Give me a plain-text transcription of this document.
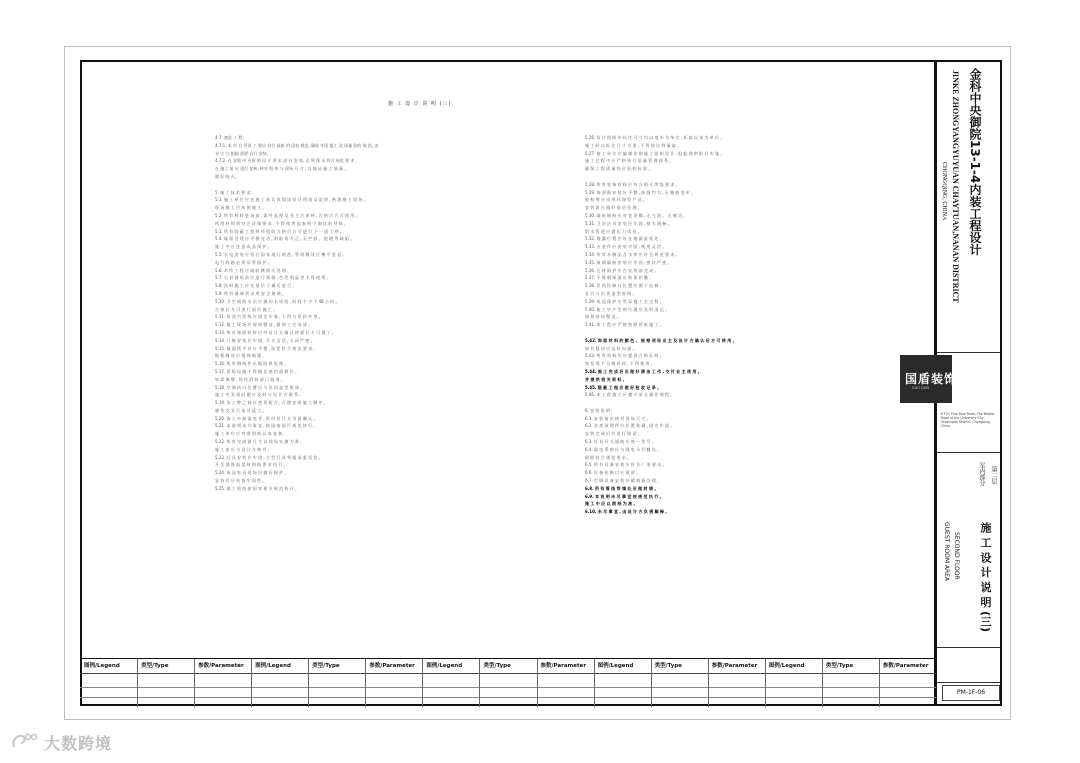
施 工 设 计 说 明 (三)
4.7. 塞洗 工 程:
4.7.1. 本 项 目 吊顶 工 程应 符合 最新 的 国家 规范, 确保 牢固 施工 及 质量 验收 规 范, 由
业 主 方 根据 需要 自行 安装。
4.7.2. 在 安装 中 应按 照 设 计 要 求 进 行 安 装, 必 须 保 证 符合 规范 要 求 。
在 施工 前 应 进行 复核, 核对 图 纸 与 现场 尺 寸 , 以 保 证 施 工 质 量 。
做 好 防 火。
5. 施 工 技 术 要 求:
5.1. 施 工 单 位 应 在 施 工 前 认 真 阅 读 设 计 图 纸 及 说 明 , 熟 悉 施 工 现 场 。
现 场 施 工 应 按 图 施 工 。
5.2. 所 有 材 料 进 场 前 , 需 经 监 理 及 业 主 方 审 核 , 合 格 后 方 可 使 用 。
所 用 材 料 须 符 合 环 保 要 求 , 不 得 使 用 国 家 明 令 淘 汰 的 材 料 。
5.3. 所 有 隐 蔽 工 程 须 经 验 收 合 格 后 方 可 进 行 下 一 道 工 序 。
5.4. 墙 面 处 理 应 平 整 光 洁 , 阴 阳 角 方 正 , 无 空 鼓 、 裂 缝 等 缺 陷 。
施 工 中 应 注 意 成 品 保 护 。
5.5. 水 电 安 装 应 符 合 国 家 现 行 规 范 , 管 线 敷 设 应 横 平 竖 直 。
电 气 线 路 必 须 穿 管 保 护 。
5.6. 木 作 工 程 应 做 防 腐 防 火 处 理 。
5.7. 石 材 铺 贴 前 应 进 行 预 排 , 色 差 明 显 者 不 得 使 用 。
5.8. 涂 料 施 工 应 在 基 层 干 燥 后 进 行 。
5.9. 所 有 玻 璃 须 采 用 安 全 玻 璃 。
5.10. 卫 生 间 防 水 层 应 做 闭 水 试 验 , 时 间 不 少 于 48 小 时 。
合 格 后 方 可 进 行 面 层 施 工 。
5.11. 吊 顶 内 管 线 应 固 定 牢 靠 , 不 得 与 吊 杆 共 用 。
5.12. 施 工 现 场 应 保 持 整 洁 , 做 到 工 完 场 清 。
5.13. 所 有 饰 面 材 料 应 经 设 计 方 确 认 样 板 后 方 可 施 工 。
5.14. 门 窗 安 装 应 牢 固 , 开 关 灵 活 , 关 闭 严 密 。
5.15. 地 面 找 平 层 应 平 整 , 误 差 符 合 规 范 要 求 。
地 板 铺 设 应 留 伸 缩 缝 。
5.16. 所 有 钢 构 件 应 做 防 锈 处 理 。
5.17. 消 防 设 施 不 得 随 意 遮 挡 或 移 位 。
如 需 调 整 , 须 经 消 防 部 门 批 准 。
5.18. 空 调 风 口 位 置 应 与 吊 顶 造 型 协 调 。
施 工 中 发 现 问 题 应 及 时 与 设 计 方 联 系 。
5.19. 各 工 种 之 间 应 密 切 配 合 , 合 理 安 排 施 工 顺 序 。
避 免 交 叉 污 染 及 返 工 。
5.20. 施 工 中 如 需 变 更 , 须 经 设 计 方 书 面 确 认 。
5.21. 本 说 明 未 尽 事 宜 , 按 国 家 现 行 规 范 执 行 。
施 工 单 位 应 对 照 图 纸 认 真 复 核 。
5.22. 所 有 完 成 面 尺 寸 以 现 场 实 测 为 准 。
施 工 前 应 与 设 计 方 核 对 。
5.23. 灯 具 安 装 应 牢 固 , 大 型 灯 具 须 做 承 重 试 验 。
开 关 插 座 高 度 按 图 纸 要 求 执 行 。
5.24. 成 品 家 具 进 场 应 做 好 保 护 。
安 装 后 应 检 查 牢 固 性 。
5.25. 竣 工 验 收 按 国 家 相 关 规 范 执 行 。
5.26. 设 计 图 纸 中 标 注 尺 寸 均 以 毫 米 为 单 位 , 标 高 以 米 为 单 位 。
施 工 时 以 标 注 尺 寸 为 准 , 不 得 按 比 例 量 取 。
5.27. 施 工 单 位 应 编 制 详 细 施 工 组 织 设 计 , 报 监 理 审 批 后 实 施 。
施 工 过 程 中 应 严 格 执 行 质 量 管 理 体 系 。
确 保 工 程 质 量 符 合 验 收 标 准 。
5.28. 所 有 装 饰 材 料 应 符 合 防 火 等 级 要 求 。
5.29. 饰 面 板 安 装 应 平 整 , 接 缝 均 匀 , 无 翘 曲 变 形 。
胶 粘 剂 应 采 用 环 保 型 产 品 。
安 装 前 应 做 好 基 层 处 理 。
5.30. 墙 纸 铺 贴 应 对 花 准 确 , 无 气 泡 、 无 翘 边 。
5.31. 卫 浴 洁 具 安 装 应 牢 固 , 排 水 通 畅 。
给 水 管 道 应 做 压 力 试 验 。
5.32. 地 漏 位 置 应 设 在 地 面 最 低 处 。
5.33. 五 金 件 应 安 装 牢 固 , 使 用 灵 活 。
5.34. 所 有 木 制 品 含 水 率 应 符 合 规 范 要 求 。
5.35. 玻 璃 隔 断 安 装 应 牢 固 , 密 封 严 密 。
5.36. 石 材 防 护 应 在 安 装 前 完 成 。
5.37. 不 锈 钢 饰 面 应 贴 保 护 膜 。
5.38. 吊 顶 检 修 口 位 置 应 便 于 检 修 。
且 应 与 吊 顶 造 型 协 调 。
5.39. 成 品 保 护 应 贯 穿 施 工 全 过 程 。
5.40. 施 工 中 产 生 的 垃 圾 应 及 时 清 运 。
保 持 现 场 整 洁 。
5.41. 本 工 程 应 严 格 按 照 图 纸 施 工 。
5.42. 饰 面 材 料 的 颜 色 、 规 格 须 经 业 主 及 设 计 方 确 认 后 方 可 使 用 。
如 有 疑 问 应 及 时 沟 通 。
5.43. 所 有 材 料 均 应 提 供 合 格 证 明 。
如 发 现 不 合 格 材 料 , 不 得 使 用 。
5.44. 施 工 完 成 后 应 做 好 清 洁 工 作 , 交 付 业 主 使 用 。
并 提 供 相 关 资 料 。
5.45. 隐 蔽 工 程 应 做 好 验 收 记 录 。
5.46. 本 工 程 施 工 应 遵 守 安 全 操 作 规 程 。
6. 安 装 说 明 :
6.1. 安 装 前 应 核 对 现 场 尺 寸 。
6.2. 各 类 预 埋 件 应 位 置 准 确 , 固 定 牢 固 。
安 装 完 成 后 应 进 行 调 试 。
6.3. 灯 具 开 关 插 座 应 统 一 型 号 。
6.4. 弱 电 系 统 应 与 强 电 分 开 敷 设 。
间 距 符 合 规 范 要 求 。
6.5. 所 有 设 备 安 装 应 符 合 厂 家 要 求 。
6.6. 设 备 检 修 口 应 预 留 。
6.7. 空 调 设 备 安 装 应 做 减 振 处 理 。
6.8. 所 有 管 线 穿 墙 处 应 做 封 堵 。
6.9. 本 说 明 未 尽 事 宜 按 规 范 执 行 。
施 工 中 应 以 图 纸 为 准 。
6.10. 未 尽 事 宜 , 由 设 计 方 负 责 解 释 。
图例/Legend	类型/Type	参数/Parameter 图例/Legend	类型/Type	参数/Parameter 图例/Legend	类型/Type	参数/Parameter 图例/Legend	类型/Type	参数/Parameter 图例/Legend	类型/Type	参数/Parameter
金科中央御院13-1-4内装工程设计
JINKE ZHONGYANGYUYUAN CHAYTUAN,NANAN DISTRICT
CHONGQING, CHINA
6 F/3, Pine Blue Road, The Middle Road of the University City, Shapingba District, Chongqing, China
GUEST ROOM AREA SECOND FLOOR
室内部分 第二层
施 工 设 计 说 明 (三)
国盾装饰
GUO DUN
PM-1F-06
大数跨境
